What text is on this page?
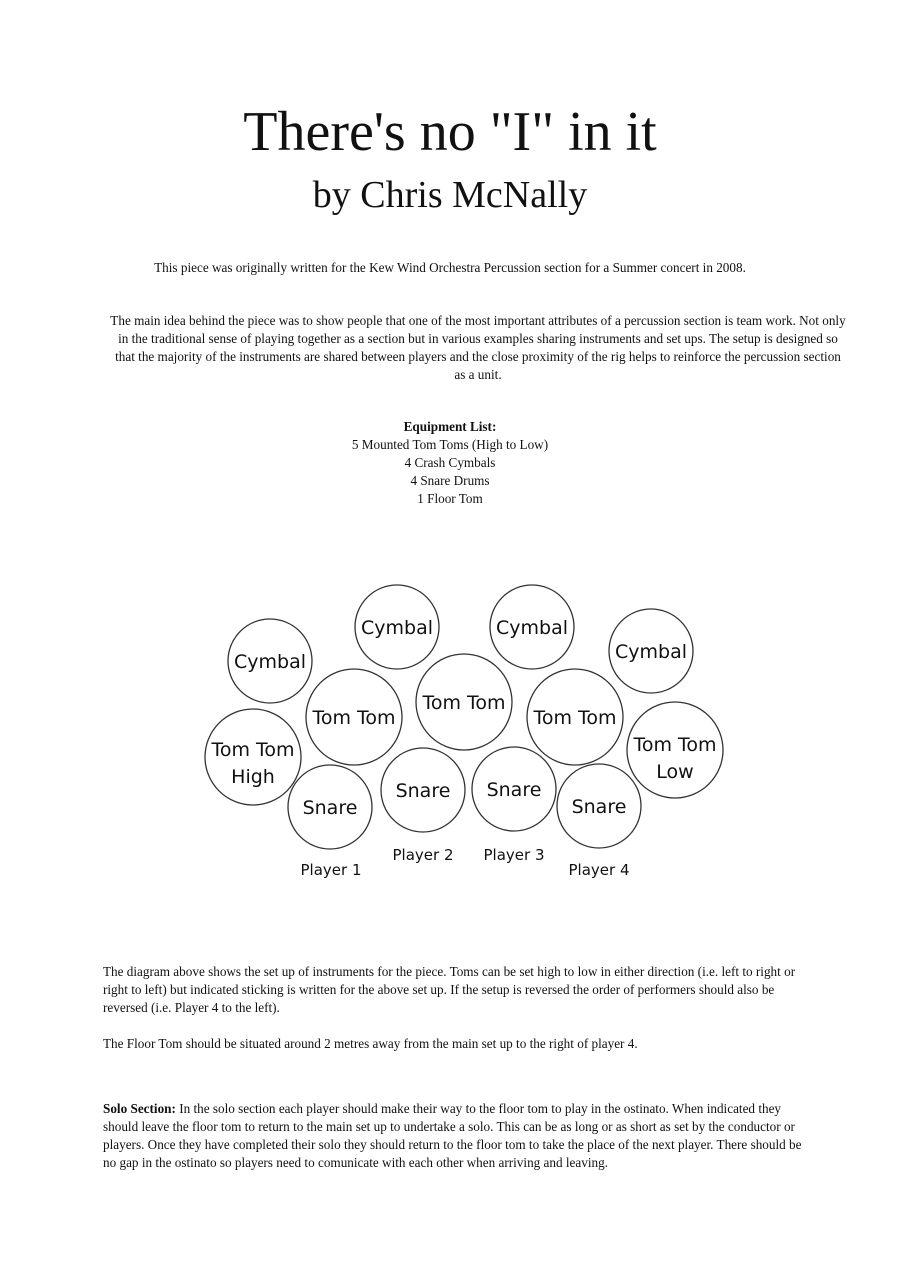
There's no "I" in it
by Chris McNally

This piece was originally written for the Kew Wind Orchestra Percussion section for a Summer concert in 2008.

The main idea behind the piece was to show people that one of the most important attributes of a percussion section is team work. Not only in the traditional sense of playing together as a section but in various examples sharing instruments and set ups. The setup is designed so that the majority of the instruments are shared between players and the close proximity of the rig helps to reinforce the percussion section as a unit.

Equipment List:
5 Mounted Tom Toms (High to Low)
4 Crash Cymbals
4 Snare Drums
1 Floor Tom
Cymbal
Cymbal	Cymbal
Cymbal
Tom Tom
High
Tom Tom
Tom Tom
Tom Tom
Tom Tom
Low
Snare
Snare Snare
Snare
Player 1
Player 2 Player 3
Player 4

The diagram above shows the set up of instruments for the piece. Toms can be set high to low in either direction (i.e. left to right or right to left) but indicated sticking is written for the above set up. If the setup is reversed the order of performers should also be reversed (i.e. Player 4 to the left).

The Floor Tom should be situated around 2 metres away from the main set up to the right of player 4.

Solo Section: In the solo section each player should make their way to the floor tom to play in the ostinato. When indicated they should leave the floor tom to return to the main set up to undertake a solo. This can be as long or as short as set by the conductor or players. Once they have completed their solo they should return to the floor tom to take the place of the next player. There should be no gap in the ostinato so players need to comunicate with each other when arriving and leaving.
